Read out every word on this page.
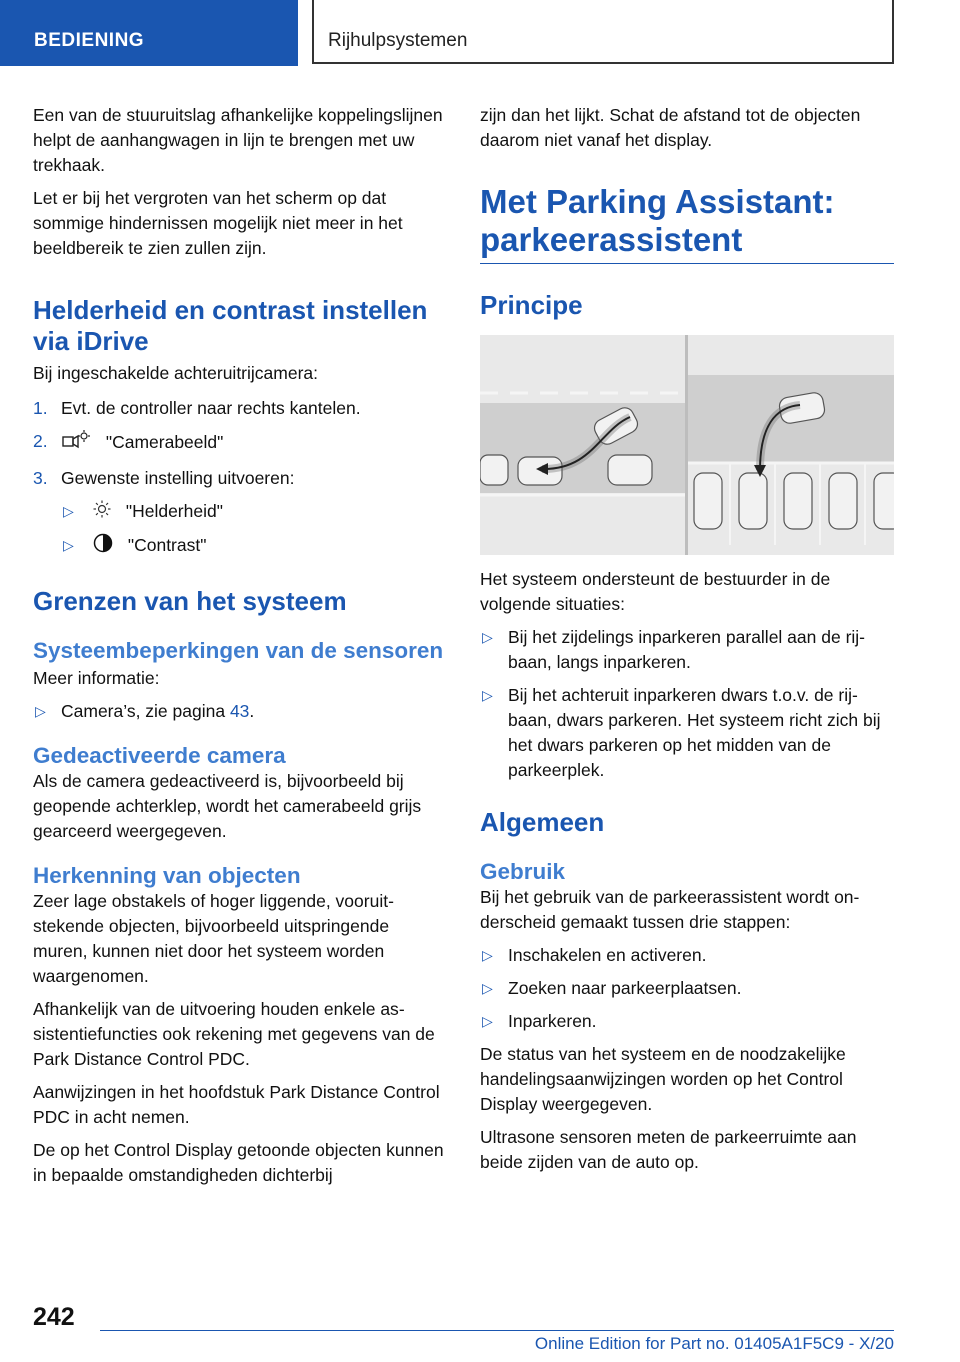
BEDIENING	Rijhulpsystemen

Een van de stuuruitslag afhankelijke koppelingslijnen helpt de aanhangwagen in lijn te brengen met uw trekhaak.

Let er bij het vergroten van het scherm op dat sommige hindernissen mogelijk niet meer in het beeldbereik te zien zullen zijn.

Helderheid en contrast instellen via iDrive

Bij ingeschakelde achteruitrijcamera:

1. Evt. de controller naar rechts kantelen.
2.	"Camerabeeld"
3. Gewenste instelling uitvoeren:
▷	"Helderheid"
▷	"Contrast"
Grenzen van het systeem
Systeembeperkingen van de sensoren

Meer informatie:

▷ Camera’s, zie pagina 43.
Gedeactiveerde camera

Als de camera gedeactiveerd is, bijvoorbeeld bij geopende achterklep, wordt het camerabeeld grijs gearceerd weergegeven.

Herkenning van objecten

Zeer lage obstakels of hoger liggende, vooruitstekende objecten, bijvoorbeeld uitspringende muren, kunnen niet door het systeem worden waargenomen.

Afhankelijk van de uitvoering houden enkele assistentiefuncties ook rekening met gegevens van de Park Distance Control PDC.

Aanwijzingen in het hoofdstuk Park Distance Control PDC in acht nemen.

De op het Control Display getoonde objecten kunnen in bepaalde omstandigheden dichterbij

zijn dan het lijkt. Schat de afstand tot de objecten daarom niet vanaf het display.

Met Parking Assistant: parkeerassistent
Principe

Het systeem ondersteunt de bestuurder in de volgende situaties:

▷ Bij het zijdelings inparkeren parallel aan de rijbaan, langs inparkeren.
▷ Bij het achteruit inparkeren dwars t.o.v. de rijbaan, dwars parkeren. Het systeem richt zich bij het dwars parkeren op het midden van de parkeerplek.
Algemeen
Gebruik

Bij het gebruik van de parkeerassistent wordt onderscheid gemaakt tussen drie stappen:

▷ Inschakelen en activeren.
▷ Zoeken naar parkeerplaatsen.
▷ Inparkeren.

De status van het systeem en de noodzakelijke handelingsaanwijzingen worden op het Control Display weergegeven.

Ultrasone sensoren meten de parkeerruimte aan beide zijden van de auto op.

242
Online Edition for Part no. 01405A1F5C9 - X/20
